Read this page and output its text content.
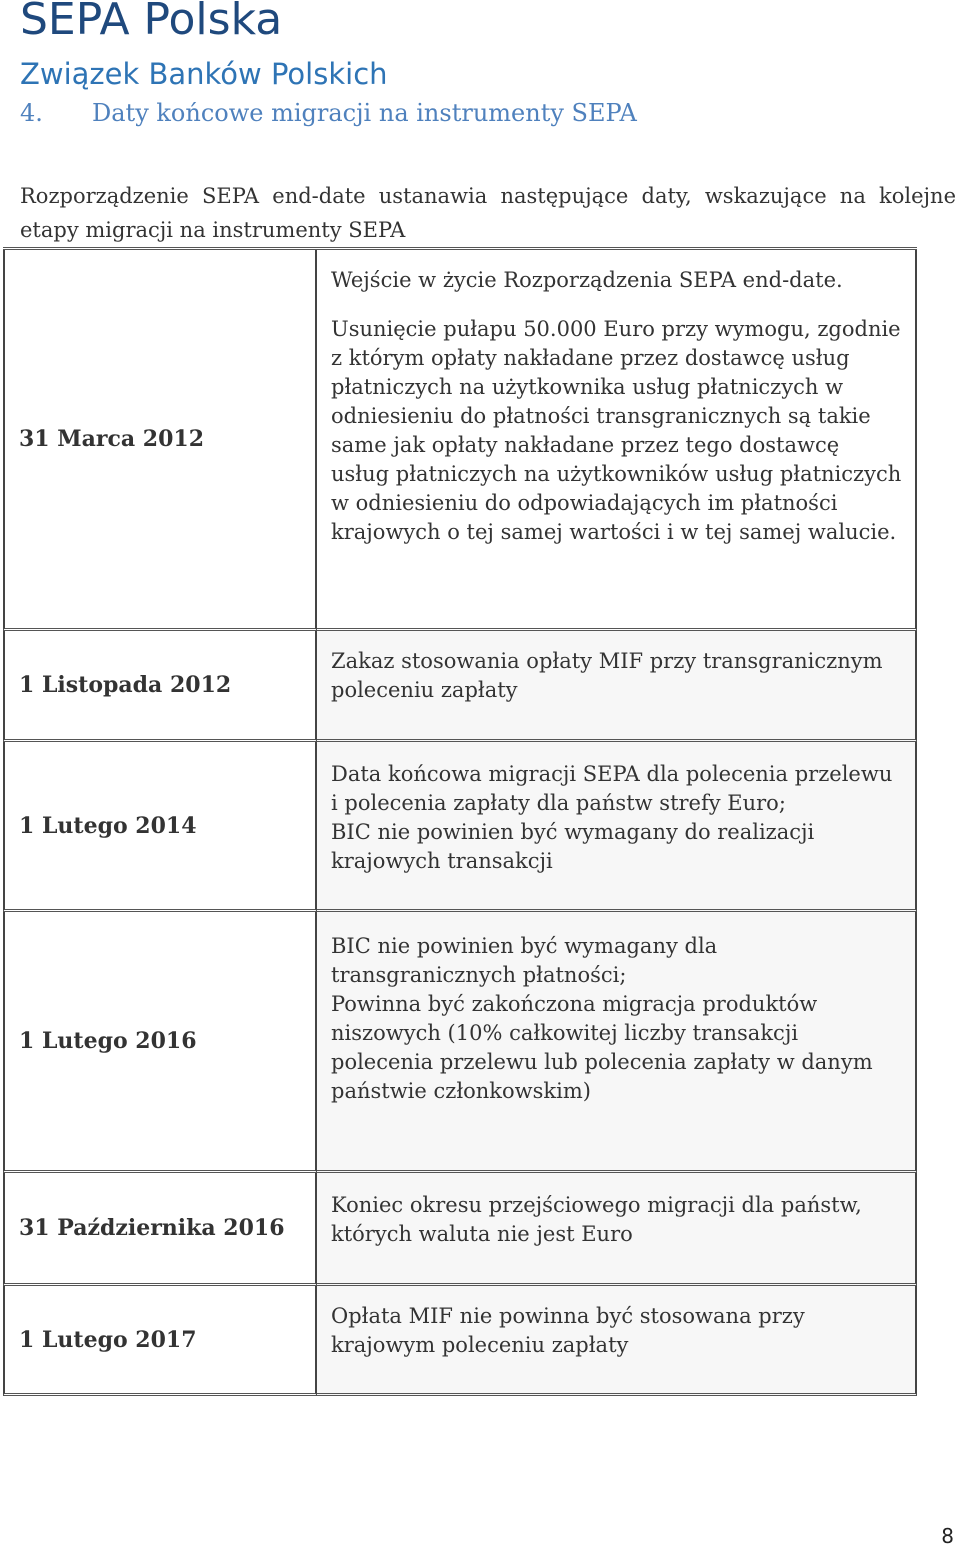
SEPA Polska
Związek Banków Polskich
4. Daty końcowe migracji na instrumenty SEPA

Rozporządzenie SEPA end-date ustanawia następujące daty, wskazujące na kolejne etapy migracji na instrumenty SEPA

31 Marca 2012	Wejście w życie Rozporządzenia SEPA end-date.
Usunięcie pułapu 50.000 Euro przy wymogu, zgodnie z którym opłaty nakładane przez dostawcę usług płatniczych na użytkownika usług płatniczych w odniesieniu do płatności transgranicznych są takie same jak opłaty nakładane przez tego dostawcę usług płatniczych na użytkowników usług płatniczych w odniesieniu do odpowiadających im płatności krajowych o tej samej wartości i w tej samej walucie.

1 Listopada 2012	Zakaz stosowania opłaty MIF przy transgranicznym poleceniu zapłaty

1 Lutego 2014	Data końcowa migracji SEPA dla polecenia przelewu i polecenia zapłaty dla państw strefy Euro;
BIC nie powinien być wymagany do realizacji krajowych transakcji

1 Lutego 2016	BIC nie powinien być wymagany dla transgranicznych płatności;
Powinna być zakończona migracja produktów niszowych (10% całkowitej liczby transakcji polecenia przelewu lub polecenia zapłaty w danym państwie członkowskim)

31 Października 2016	Koniec okresu przejściowego migracji dla państw, których waluta nie jest Euro

1 Lutego 2017	Opłata MIF nie powinna być stosowana przy krajowym poleceniu zapłaty
8
